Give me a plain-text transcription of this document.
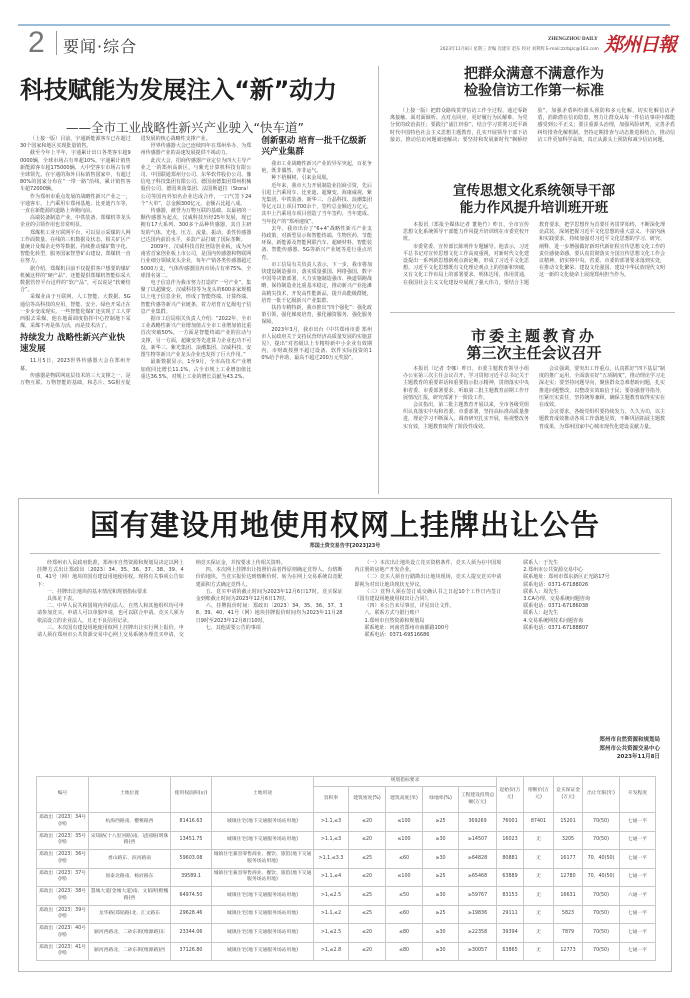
2 要闻·综合	ZHENGZHOU DAILY
2023年11月8日 星期三 责编 肖建军 赵东 校对 刘利辉 E-mail:zzrbjzc@163.com 郑州日報
科技赋能为发展注入“新”动力
——全市工业战略性新兴产业驶入“快车道”

（上接一版）目前，宇通新能源客车已在超过30个国家和地区实现批量销售。

截至今年上半年，宇通累计出口各类客车超90000辆，全球市场占有率超10%。宇通累计销售新能源客车超175000辆，大中型客车市场占有率全球领先。在宇通的海外目标销售国家中，有超过80%的国家分布在“一带一路”沿线，累计销售客车超72000辆。

作为郑州市重点发展的战略性新兴产业之一，宇通客车、上汽乘用车郑州基地、比亚迪汽车等，一直在新能源的道路上奔跑向前。

高端装备制造产业，中铁装备、郑煤机等龙头企业的引领作用也非常明显。

郑煤机工业互联网平台，可以显示采煤的人网工作面数量、在线的三机数据及状态，相关矿区产量统计及煤企走势等数据。持续推动煤矿数字化、智能化转型，服务国家智慧矿山建设，郑煤机一直在努力。

据介绍，郑煤机目前不仅提供客户想要的煤矿机械这样的“硬产品”，还能提供郑煤机智能综采大数据管控平台这样的“软产品”，可以说是“软硬结合”。

采煤业由于互联网、人工智能、大数据、5G通信等高科技的应用，智能、安全、绿色开采正在一步步变成现实。一些智能化煤矿还实现了工人穿西服去采煤，他在地面调度指挥中心控制地下采煤，采煤不再是体力活，而是技术活了。

持续发力 战略性新兴产业快速发展

11月5日，2023世界传感器大会在郑州开幕。

传感器是物联网底层技术的三大支撑之一，是万物互联、万物智能的基础，和芯片、5G相互促进发展的核心战略性支撑产业。

世界传感器大会已连续四年在郑州举办，为郑州传感器产业的高速发展提供不竭动力。

此次大会，招商传感器产业定位为四大主导产业之一的郑州高新区，与紫光计算机科技有限公司、中国联通郑州分公司、东华软件股份公司、豫信电子科技集团有限公司、德国南德集团郑州机械股份公司、德国莱茵集团、法国斯道拉（Stora）公司等国内外知名企业达成合作，一口气签下24个“大单”，总金额300亿元，金额占比超八成。

传感器，被誉为万物互联的基础。以最初的一颗传感器为起点，汉威科技历经25年发展，现已拥有17大系列、300多个品种传感器，其自主研发的气体、光电、压力、流量、振动、柔性传感器已达国内前沿水平，多款产品打破了国际垄断。

2009年，汉威科技首批登陆创业板，成为河南省首家创业板上市公司，是国内传感器和物联网行业细分领域龙头企业，每年产销各类传感器超过5000万支，气体传感器国内市场占有率75%，全球排名第二。

电子信息作为我市努力打造的“一号产业”，集聚了以超聚变、汉威科技等为龙头的600多家规模以上电子信息企业，形成了智能终端、计算终端、智能传感等新兴产业链条，着力培育万亿级电子信息产业集群。

据市工信局相关负责人介绍：“2022年，全市工业战略性新兴产业增加值占全市工业增加值比重首次突破50%，一方面是智能终端产业的拉动与支撑，另一方面，超聚变等先进算力企业也功不可没。新华三、紫光集团、浪潮集团、汉威科技、安图生物等新兴产业龙头企业也发挥了巨大作用。”

最新数据显示，1至9月，全市高技术产业增加值同比增长11.1%，占全市规上工业增加值比重达36.5%，对规上工业的增长贡献为43.2%。

创新驱动 培育一批千亿级新兴产业集群

我市工业战略性新兴产业的异军突起，百花争艳，既非偶然，亦非运气。

种下梧桐树，引来金凤凰。

近年来，我市大力开展制造业招商引资，先后引进上汽乘用车、比亚迪、超聚变、海康威视、紫光集团、中铁装备、新华三、合晶科技、浪潮集团等亿元以上项目700余个，签约总金额近万亿元，其中上汽乘用车项目创造了当年签约、当年建成、当年投产的“郑州速度”。

去年，我市出台了“6+4”战略性新兴产业支持政策，对新型显示和智能终端、生物医药、节能环保、新能源及智能网联汽车、超硬材料、智能装备、智能传感器、5G等新兴产业链等进行重点培育。

市工信局有关负责人表示，下一步，我市将加快建设制造强市，落实质量强国、网络强国、数字中国等决策部署，大力实施制造强市、换道领跑战略，保持制造业比重基本稳定，推动新兴产业抢滩高精尖技术，开发高性能新品，提升高能级群链，培育一批千亿级新兴产业集群。

扶持专精特新，我市推出“四个强化”：强化政策引领，强化梯度培育，强化融资服务，强化服务保障。

2023年3月，我市出台《中共郑州市委 郑州市人民政府关于支持民营经济高质量发展的实施意见》，提出“对省级以上专精特新中小企业有效期内，市财政按照不超过设备、软件实际投资的10%给予补助，最高不超过200万元奖励”。

把群众满意不满意作为
检验信访工作第一标准

（上接一版）把群众路线贯穿信访工作全过程，通过零距离接触、面对面倾听、点对点回应，更好履行为民解难、为党分忧的政治责任；要践行“浦江经验”，结合学习贯彻习近平新时代中国特色社会主义思想主题教育，扎实开展领导干部下访接访，推动信访问题就地解决；要坚持和发展新时代“枫桥经验”，加强矛盾纠纷源头预防和多元化解，切实化解信访矛盾，消除潜在信访隐患，努力让群众从每一件信访事项中都能感受到公平正义；要注重源头治理，加强风险研判，完善矛盾纠纷排查化解机制，坚持定期排查与动态推进相结合，推动信访工作更加科学高效，真正从源头上预防和减少信访问题。

宣传思想文化系统领导干部
能力作风提升培训班开班

本报讯（郑报全媒体记者 董艳竹）昨日，全市宣传思想文化系统领导干部能力作风提升培训班在市委党校开班。

市委常委、宣传部长陈明作专题辅导。他表示，习近平总书记对宣传思想文化工作高度重视，对新时代文化建设提出一系列新思想新观点新论断，形成了习近平文化思想。习近平文化思想既有文化理论观点上的创新和突破，又有文化工作布局上的部署要求，明体达用、体用贯通，在我国社会主义文化建设中展现了强大伟力。要结合主题教育要求，把学思想作为首要任务贯穿始终，不断深化理论武装，深刻把握习近平文化思想的重大意义、丰富内涵和实践要求，持续加强对习近平文化思想的学习、研究、阐释，进一步增强做好新时代新征程宣传思想文化工作的责任感使命感。要认真贯彻落实全国宣传思想文化工作会议精神，切实将中央、省委、市委的部署要求落到实处，在推动文化繁荣、建设文化强国、建设中华民族现代文明这一新的文化使命上展现郑州担当作为。

市委主题教育办
第三次主任会议召开

本报讯（记者 李娜）昨日，市委主题教育领导小组办公室第三次主任会议召开，学习贯彻习近平总书记关于主题教育的重要讲话和重要指示批示精神，贯彻落实中央和省委、市委部署要求，听取第二批主题教育前期工作开展情况汇报，研究部署下一阶段工作。

会议指出，第二批主题教育开展以来，全市各级党组织认真落实中央和省委、市委部署，坚持高标准高质量推进，理论学习不断深入，调查研究扎实开展，检视整改务实有效，主题教育取得了阶段性成效。

会议强调，要突出工作重点，认真抓好“四下基层”制度的推广运用，全面落实好“五项制度”，推动理论学习走深走实；要坚持问题导向，聚焦群众急难愁盼问题，扎实推进问题整改，以整改实效取信于民；要加强督导指导，压紧压实责任，坚持统筹兼顾，确保主题教育取得实实在在成效。

会议要求，各级党组织要持续发力、久久为功，以主题教育成效推动各项工作落地见效，不断巩固拓展主题教育成果，为郑州国家中心城市现代化建设贡献力量。

国有建设用地使用权网上挂牌出让公告
郑国土资交易告字[2023]23号

经郑州市人民政府批准，郑州市自然资源和规划局决定以网上挂牌方式出让郑政出〔2023〕34、35、36、37、38、39、40、41号（网）地块的国有建设用地使用权。现将有关事项公告如下：

一、挂牌出让地块的基本情况和规划指标要求

具体见下表。

二、中华人民共和国境内外的法人、自然人和其他组织均可申请参加竞买，申请人可以单独申请，也可以联合申请。竞买人须为依法设立的企业法人，且无不良信用记录。

三、本次国有建设用地使用权网上挂牌出让实行网上报价。申请人须在郑州市公共资源交易中心网上交易系统办理竞买申请，交纳竞买保证金，并按要求上传相关资料。

四、本次网上挂牌出让按照价高者得原则确定竞得人。有熔断价的地块，当竞买报价达到熔断价时，转为在网上交易系统以竞配建面积方式确定竞得人。

五、竞买申请的截止时间为2023年12月6日17时。竞买保证金到账截止时间为2023年12月6日17时。

六、挂牌报价时间：郑政出〔2023〕34、35、36、37、38、39、40、41号（网）地块挂牌报价时间均为2023年11月28日9时至2023年12月8日10时。

七、其他需要公告的事项

（一）本次出让地块设立竞买资格条件，竞买人须为在中国境内注册的房地产开发企业。

（二）竞买人须自行踏勘出让地块现场，竞买人提交竞买申请即视为对出让地块现状无异议。

（三）竞得人须在签订成交确认书之日起10个工作日内签订《国有建设用地使用权出让合同》。

（四）本公告未尽事宜，详见出让文件。

八、联系方式与银行账户

1.郑州市自然资源和规划局

联系地址：河南省郑州市商都路100号

联系电话：0371-69516686

联系人：于先生

2.郑州市公共资源交易中心

联系地址：郑州市郑东新区正光路17号

联系电话：0371-67188026

联系人：周先生

3.CA办理、交易系统问题咨询

联系电话：0371-67186038

联系人：赵先生

4.交易系统网技术问题咨询

联系电话：0371-67188807

郑州市自然资源和规划局
郑州市公共资源交易中心
2023年11月8日
编号	土地位置	使用权面积(㎡)	土地用途	规划指标要求					起始价(万元)	熔断价(万元)	竞买保证金(万元)	出让年限(年)	开发程度
				容积率	建筑密度(%)	建筑高度(米)	绿地率(%)	工程建设投资总额(万元)					
郑政出〔2023〕34号(网)	杭海西路南、樱桃路西	81416.63	城镇住宅(地下交通服务场站用地)	>1.1,≤3	≤20	≤100	≥25	369269	76001	87401	15201	70(50)	七通一平
郑政出〔2023〕35号(网)	宋知路(十八里河路)南、冠国路(明珠路)西	13451.75	城镇住宅(地下交通服务场站用地)	>1.1,≤3	≤20	≤100	≥30	≥14507	16023	无	3205	70(50)	七通一平
郑政出〔2023〕36号(网)	香山路东、滨河路南	59603.08	城镇住宅兼容零售商业、餐饮、旅馆(地下交通服务场站用地)	>1.1,≤3.3	≤25	≤60	≥30	≥64828	80881	无	16177	70、40(50)	七通一平
郑政出〔2023〕37号(网)	国泰北路南、杨府路东	39589.1	城镇住宅兼容零售商业、餐饮、旅馆(地下交通服务场站用地)	>1.1,≤4	≤20	≤100	≥25	≥65468	63889	无	12780	70、40(50)	七通一平
郑政出〔2023〕38号(网)	慧城大道(金城大道)南、文韬街(楷槐路)西	64974.50	城镇住宅(地下交通服务场站用地)	>1,≤2.5	≤25	≤50	≥30	≥59767	83153	无	16631	70(50)	六通一平
郑政出〔2023〕39号(网)	龙华路(郑韬路)北、汇文路东	29628.46	城镇住宅(地下交通服务场站用地)	>1.1,≤2	≤25	≤60	≥25	≥19836	29111	无	5823	70(50)	七通一平
郑政出〔2023〕40号(网)	颍河西路北、二砂东街(维源路)东	23344.06	城镇住宅(地下交通服务场站用地)	>1,≤2.5	≤20	≤80	≥30	≥22358	39394	无	7879	70(50)	七通一平
郑政出〔2023〕41号(网)	颍河西路北、二砂东街(维源路)西	37126.80	城镇住宅(地下交通服务场站用地)	>1,≤2.8	≤20	≤80	≥30	≥30057	63865	无	12773	70(50)	七通一平
